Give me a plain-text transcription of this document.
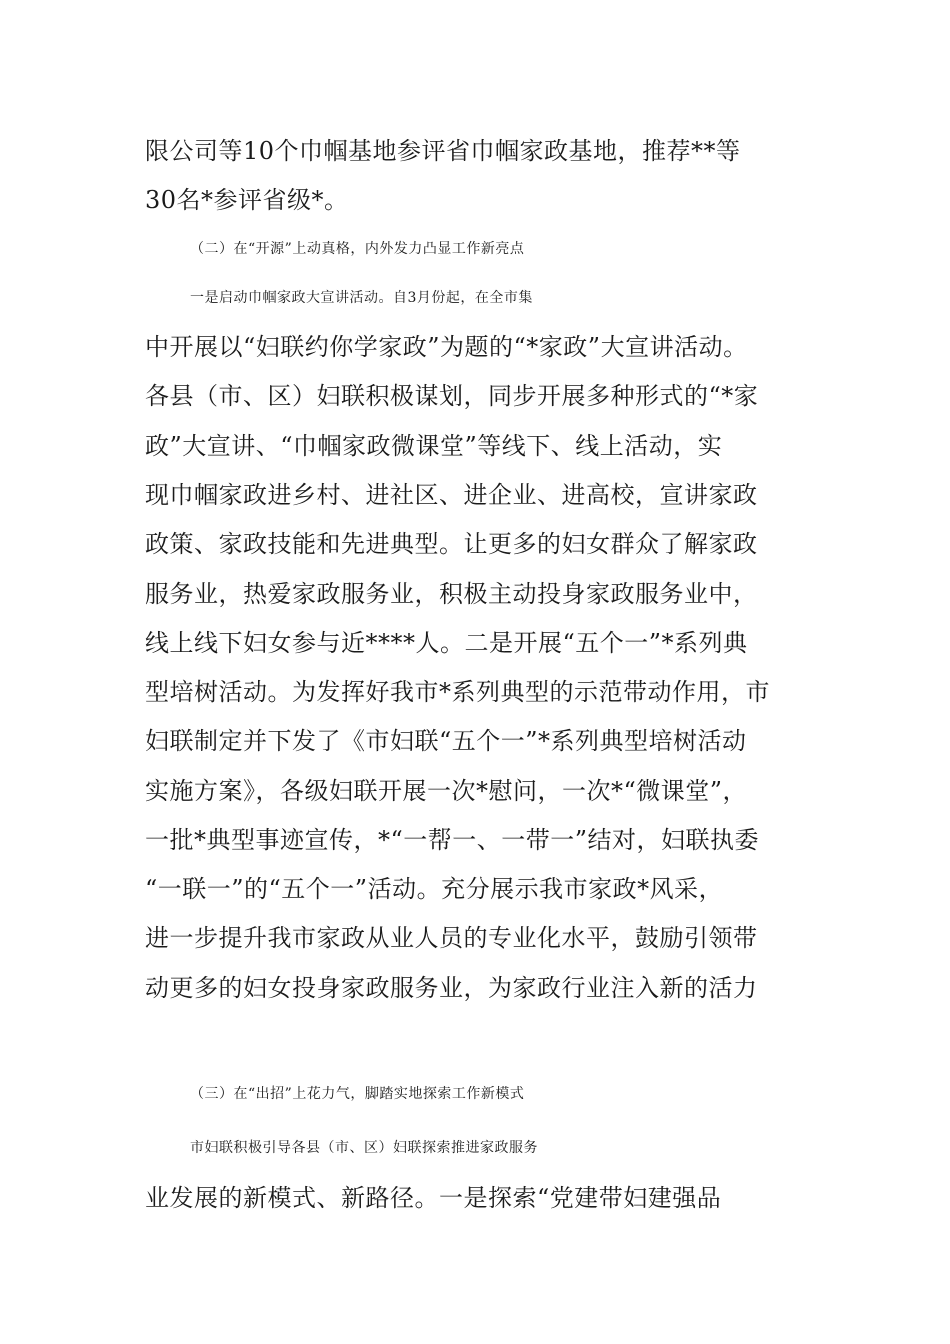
限公司等10个巾帼基地参评省巾帼家政基地，推荐**等
30名*参评省级*。
（二）在“开源”上动真格，内外发力凸显工作新亮点
一是启动巾帼家政大宣讲活动。自3月份起，在全市集
中开展以“妇联约你学家政”为题的“*家政”大宣讲活动。
各县（市、区）妇联积极谋划，同步开展多种形式的“*家
政”大宣讲、“巾帼家政微课堂”等线下、线上活动，实
现巾帼家政进乡村、进社区、进企业、进高校，宣讲家政
政策、家政技能和先进典型。让更多的妇女群众了解家政
服务业，热爱家政服务业，积极主动投身家政服务业中，
线上线下妇女参与近****人。二是开展“五个一”*系列典
型培树活动。为发挥好我市*系列典型的示范带动作用，市
妇联制定并下发了《市妇联“五个一”*系列典型培树活动
实施方案》，各级妇联开展一次*慰问，一次*“微课堂”，
一批*典型事迹宣传，*“一帮一、一带一”结对，妇联执委
“一联一”的“五个一”活动。充分展示我市家政*风采，
进一步提升我市家政从业人员的专业化水平，鼓励引领带
动更多的妇女投身家政服务业，为家政行业注入新的活力
（三）在“出招”上花力气，脚踏实地探索工作新模式
市妇联积极引导各县（市、区）妇联探索推进家政服务
业发展的新模式、新路径。一是探索“党建带妇建强品
